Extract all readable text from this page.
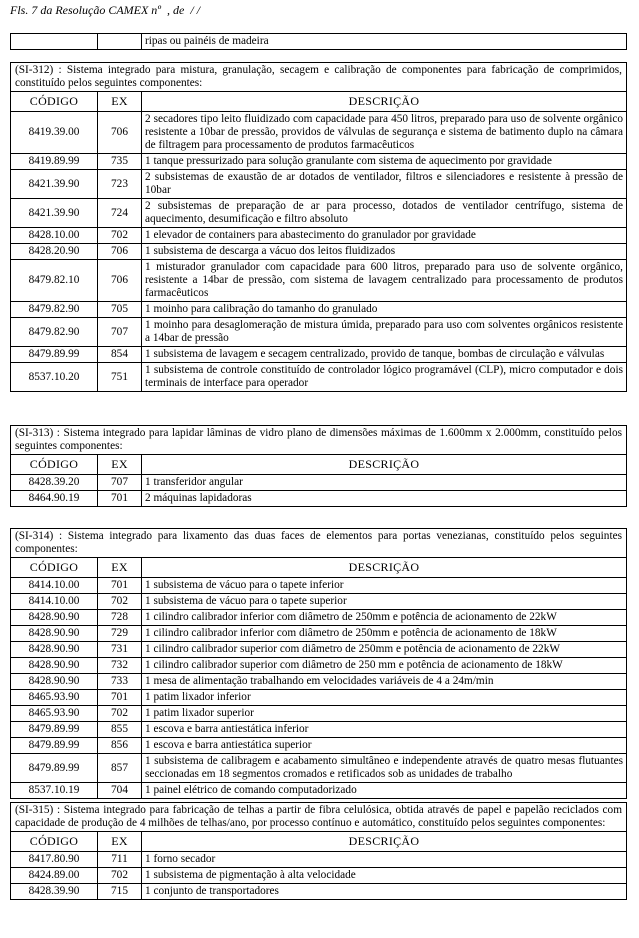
Fls. 7 da Resolução CAMEX nº  , de  / /
		ripas ou painéis de madeira
(SI-312) : Sistema integrado para mistura, granulação, secagem e calibração de componentes para fabricação de comprimidos, constituído pelos seguintes componentes:		
CÓDIGO	EX	DESCRIÇÃO
8419.39.00	706	2 secadores tipo leito fluidizado com capacidade para 450 litros, preparado para uso de solvente orgânico resistente a 10bar de pressão, providos de válvulas de segurança e sistema de batimento duplo na câmara de filtragem para processamento de produtos farmacêuticos
8419.89.99	735	1 tanque pressurizado para solução granulante com sistema de aquecimento por gravidade
8421.39.90	723	2 subsistemas de exaustão de ar dotados de ventilador, filtros e silenciadores e resistente à pressão de 10bar
8421.39.90	724	2 subsistemas de preparação de ar para processo, dotados de ventilador centrífugo, sistema de aquecimento, desumificação e filtro absoluto
8428.10.00	702	1 elevador de containers para abastecimento do granulador por gravidade
8428.20.90	706	1 subsistema de descarga a vácuo dos leitos fluidizados
8479.82.10	706	1 misturador granulador com capacidade para 600 litros, preparado para uso de solvente orgânico, resistente a 14bar de pressão, com sistema de lavagem centralizado para processamento de produtos farmacêuticos
8479.82.90	705	1 moinho para calibração do tamanho do granulado
8479.82.90	707	1 moinho para desaglomeração de mistura úmida, preparado para uso com solventes orgânicos resistente a 14bar de pressão
8479.89.99	854	1 subsistema de lavagem e secagem centralizado, provido de tanque, bombas de circulação e válvulas
8537.10.20	751	1 subsistema de controle constituído de controlador lógico programável (CLP), micro computador e dois terminais de interface para operador
(SI-313) : Sistema integrado para lapidar lâminas de vidro plano de dimensões máximas de 1.600mm x 2.000mm, constituído pelos seguintes componentes:		
CÓDIGO	EX	DESCRIÇÃO
8428.39.20	707	1 transferidor angular
8464.90.19	701	2 máquinas lapidadoras
(SI-314) : Sistema integrado para lixamento das duas faces de elementos para portas venezianas, constituído pelos seguintes componentes:		
CÓDIGO	EX	DESCRIÇÃO
8414.10.00	701	1 subsistema de vácuo para o tapete inferior
8414.10.00	702	1 subsistema de vácuo para o tapete superior
8428.90.90	728	1 cilindro calibrador inferior com diâmetro de 250mm e potência de acionamento de 22kW
8428.90.90	729	1 cilindro calibrador inferior com diâmetro de 250mm e potência de acionamento de 18kW
8428.90.90	731	1 cilindro calibrador superior com diâmetro de 250mm e potência de acionamento de 22kW
8428.90.90	732	1 cilindro calibrador superior com diâmetro de 250 mm e potência de acionamento de 18kW
8428.90.90	733	1 mesa de alimentação trabalhando em velocidades variáveis de 4 a 24m/min
8465.93.90	701	1 patim lixador inferior
8465.93.90	702	1 patim lixador superior
8479.89.99	855	1 escova e barra antiestática inferior
8479.89.99	856	1 escova e barra antiestática superior
8479.89.99	857	1 subsistema de calibragem e acabamento simultâneo e independente através de quatro mesas flutuantes seccionadas em 18 segmentos cromados e retificados sob as unidades de trabalho
8537.10.19	704	1 painel elétrico de comando computadorizado
(SI-315) : Sistema integrado para fabricação de telhas a partir de fibra celulósica, obtida através de papel e papelão reciclados com capacidade de produção de 4 milhões de telhas/ano, por processo contínuo e automático, constituído pelos seguintes componentes:		
CÓDIGO	EX	DESCRIÇÃO
8417.80.90	711	1 forno secador
8424.89.00	702	1 subsistema de pigmentação à alta velocidade
8428.39.90	715	1 conjunto de transportadores
